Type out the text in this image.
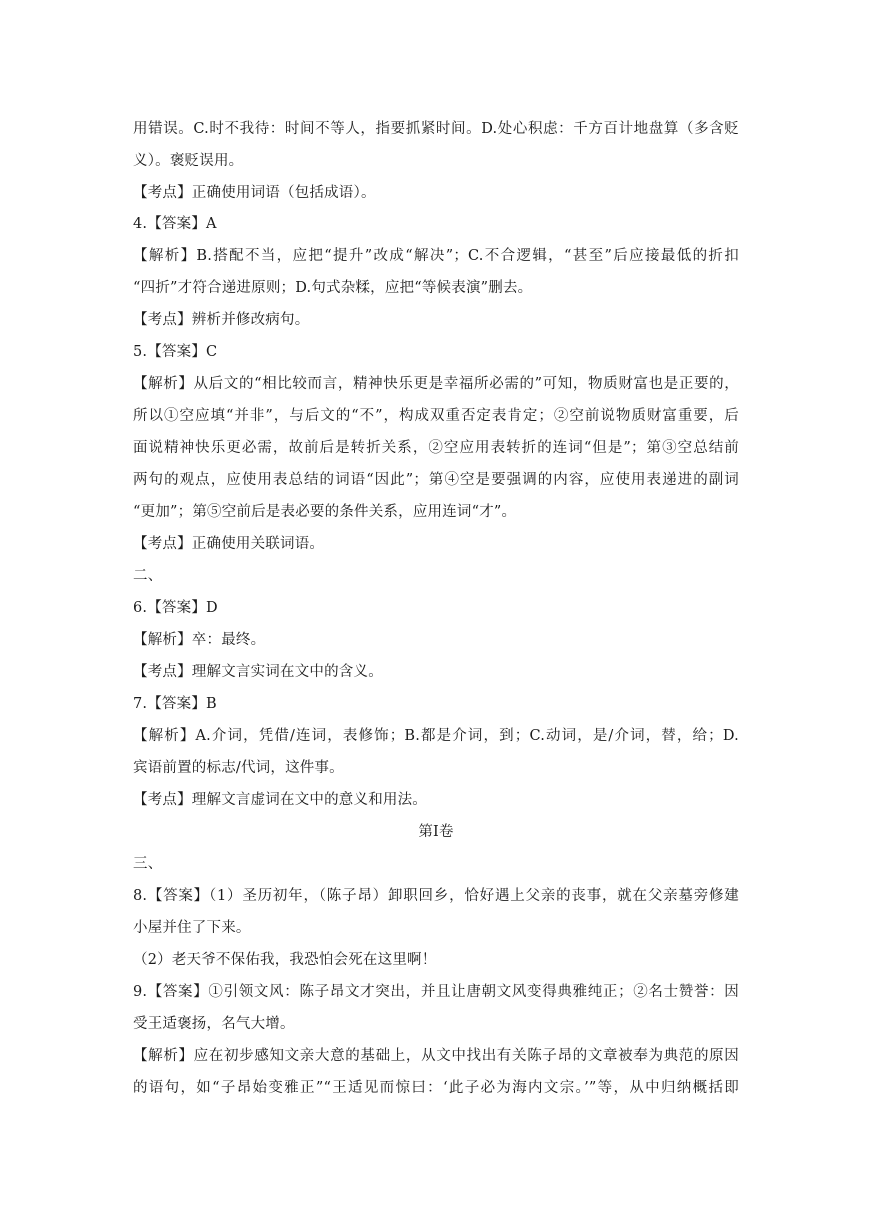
用错误。C.时不我待：时间不等人，指要抓紧时间。D.处心积虑：千方百计地盘算（多含贬
义）。褒贬误用。
【考点】正确使用词语（包括成语）。
4.【答案】A
【解析】B.搭配不当，应把“提升”改成“解决”；C.不合逻辑，“甚至”后应接最低的折扣
“四折”才符合递进原则；D.句式杂糅，应把“等候表演”删去。
【考点】辨析并修改病句。
5.【答案】C
【解析】从后文的“相比较而言，精神快乐更是幸福所必需的”可知，物质财富也是正要的，
所以①空应填“并非”，与后文的“不”，构成双重否定表肯定；②空前说物质财富重要，后
面说精神快乐更必需，故前后是转折关系，②空应用表转折的连词“但是”；第③空总结前
两句的观点，应使用表总结的词语“因此”；第④空是要强调的内容，应使用表递进的副词
“更加”；第⑤空前后是表必要的条件关系，应用连词“才”。
【考点】正确使用关联词语。
二、
6.【答案】D
【解析】卒：最终。
【考点】理解文言实词在文中的含义。
7.【答案】B
【解析】A.介词，凭借/连词，表修饰；B.都是介词，到；C.动词，是/介词，替，给；D.
宾语前置的标志/代词，这件事。
【考点】理解文言虚词在文中的意义和用法。
第Ⅰ卷
三、
8.【答案】（1）圣历初年，（陈子昂）卸职回乡，恰好遇上父亲的丧事，就在父亲墓旁修建
小屋并住了下来。
（2）老天爷不保佑我，我恐怕会死在这里啊！
9.【答案】①引领文风：陈子昂文才突出，并且让唐朝文风变得典雅纯正；②名士赞誉：因
受王适褒扬，名气大增。
【解析】应在初步感知文亲大意的基础上，从文中找出有关陈子昂的文章被奉为典范的原因
的语句，如“子昂始变雅正”“王适见而惊曰：‘此子必为海内文宗。’”等，从中归纳概括即
